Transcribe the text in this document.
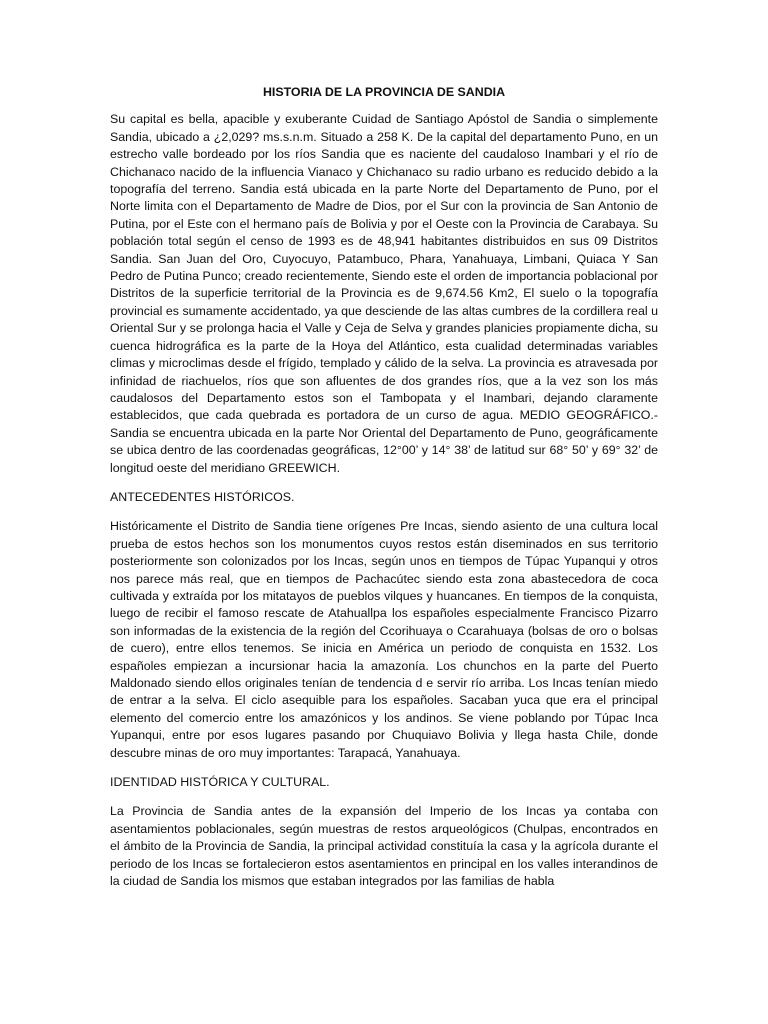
HISTORIA DE LA PROVINCIA DE SANDIA

Su capital es bella, apacible y exuberante Cuidad de Santiago Apóstol de Sandia o simplemente Sandia, ubicado a ¿2,029? ms.s.n.m. Situado a 258 K. De la capital del departamento Puno, en un estrecho valle bordeado por los ríos Sandia que es naciente del caudaloso Inambari y el río de Chichanaco nacido de la influencia Vianaco y Chichanaco su radio urbano es reducido debido a la topografía del terreno. Sandia está ubicada en la parte Norte del Departamento de Puno, por el Norte limita con el Departamento de Madre de Dios, por el Sur con la provincia de San Antonio de Putina, por el Este con el hermano país de Bolivia y por el Oeste con la Provincia de Carabaya. Su población total según el censo de 1993 es de 48,941 habitantes distribuidos en sus 09 Distritos Sandia. San Juan del Oro, Cuyocuyo, Patambuco, Phara, Yanahuaya, Limbani, Quiaca Y San Pedro de Putina Punco; creado recientemente, Siendo este el orden de importancia poblacional por Distritos de la superficie territorial de la Provincia es de 9,674.56 Km2, El suelo o la topografía provincial es sumamente accidentado, ya que desciende de las altas cumbres de la cordillera real u Oriental Sur y se prolonga hacia el Valle y Ceja de Selva y grandes planicies propiamente dicha, su cuenca hidrográfica es la parte de la Hoya del Atlántico, esta cualidad determinadas variables climas y microclimas desde el frígido, templado y cálido de la selva. La provincia es atravesada por infinidad de riachuelos, ríos que son afluentes de dos grandes ríos, que a la vez son los más caudalosos del Departamento estos son el Tambopata y el Inambari, dejando claramente establecidos, que cada quebrada es portadora de un curso de agua. MEDIO GEOGRÁFICO.- Sandia se encuentra ubicada en la parte Nor Oriental del Departamento de Puno, geográficamente se ubica dentro de las coordenadas geográficas, 12°00’ y 14° 38’ de latitud sur 68° 50’ y 69° 32’ de longitud oeste del meridiano GREEWICH.

ANTECEDENTES HISTÓRICOS.

Históricamente el Distrito de Sandia tiene orígenes Pre Incas, siendo asiento de una cultura local prueba de estos hechos son los monumentos cuyos restos están diseminados en sus territorio posteriormente son colonizados por los Incas, según unos en tiempos de Túpac Yupanqui y otros nos parece más real, que en tiempos de Pachacútec siendo esta zona abastecedora de coca cultivada y extraída por los mitatayos de pueblos vilques y huancanes. En tiempos de la conquista, luego de recibir el famoso rescate de Atahuallpa los españoles especialmente Francisco Pizarro son informadas de la existencia de la región del Ccorihuaya o Ccarahuaya (bolsas de oro o bolsas de cuero), entre ellos tenemos. Se inicia en América un periodo de conquista en 1532. Los españoles empiezan a incursionar hacia la amazonía. Los chunchos en la parte del Puerto Maldonado siendo ellos originales tenían de tendencia d e servir río arriba. Los Incas tenían miedo de entrar a la selva. El ciclo asequible para los españoles. Sacaban yuca que era el principal elemento del comercio entre los amazónicos y los andinos. Se viene poblando por Túpac Inca Yupanqui, entre por esos lugares pasando por Chuquiavo Bolivia y llega hasta Chile, donde descubre minas de oro muy importantes: Tarapacá, Yanahuaya.

IDENTIDAD HISTÓRICA Y CULTURAL.

La Provincia de Sandia antes de la expansión del Imperio de los Incas ya contaba con asentamientos poblacionales, según muestras de restos arqueológicos (Chulpas, encontrados en el ámbito de la Provincia de Sandia, la principal actividad constituía la casa y la agrícola durante el periodo de los Incas se fortalecieron estos asentamientos en principal en los valles interandinos de la ciudad de Sandia los mismos que estaban integrados por las familias de habla
